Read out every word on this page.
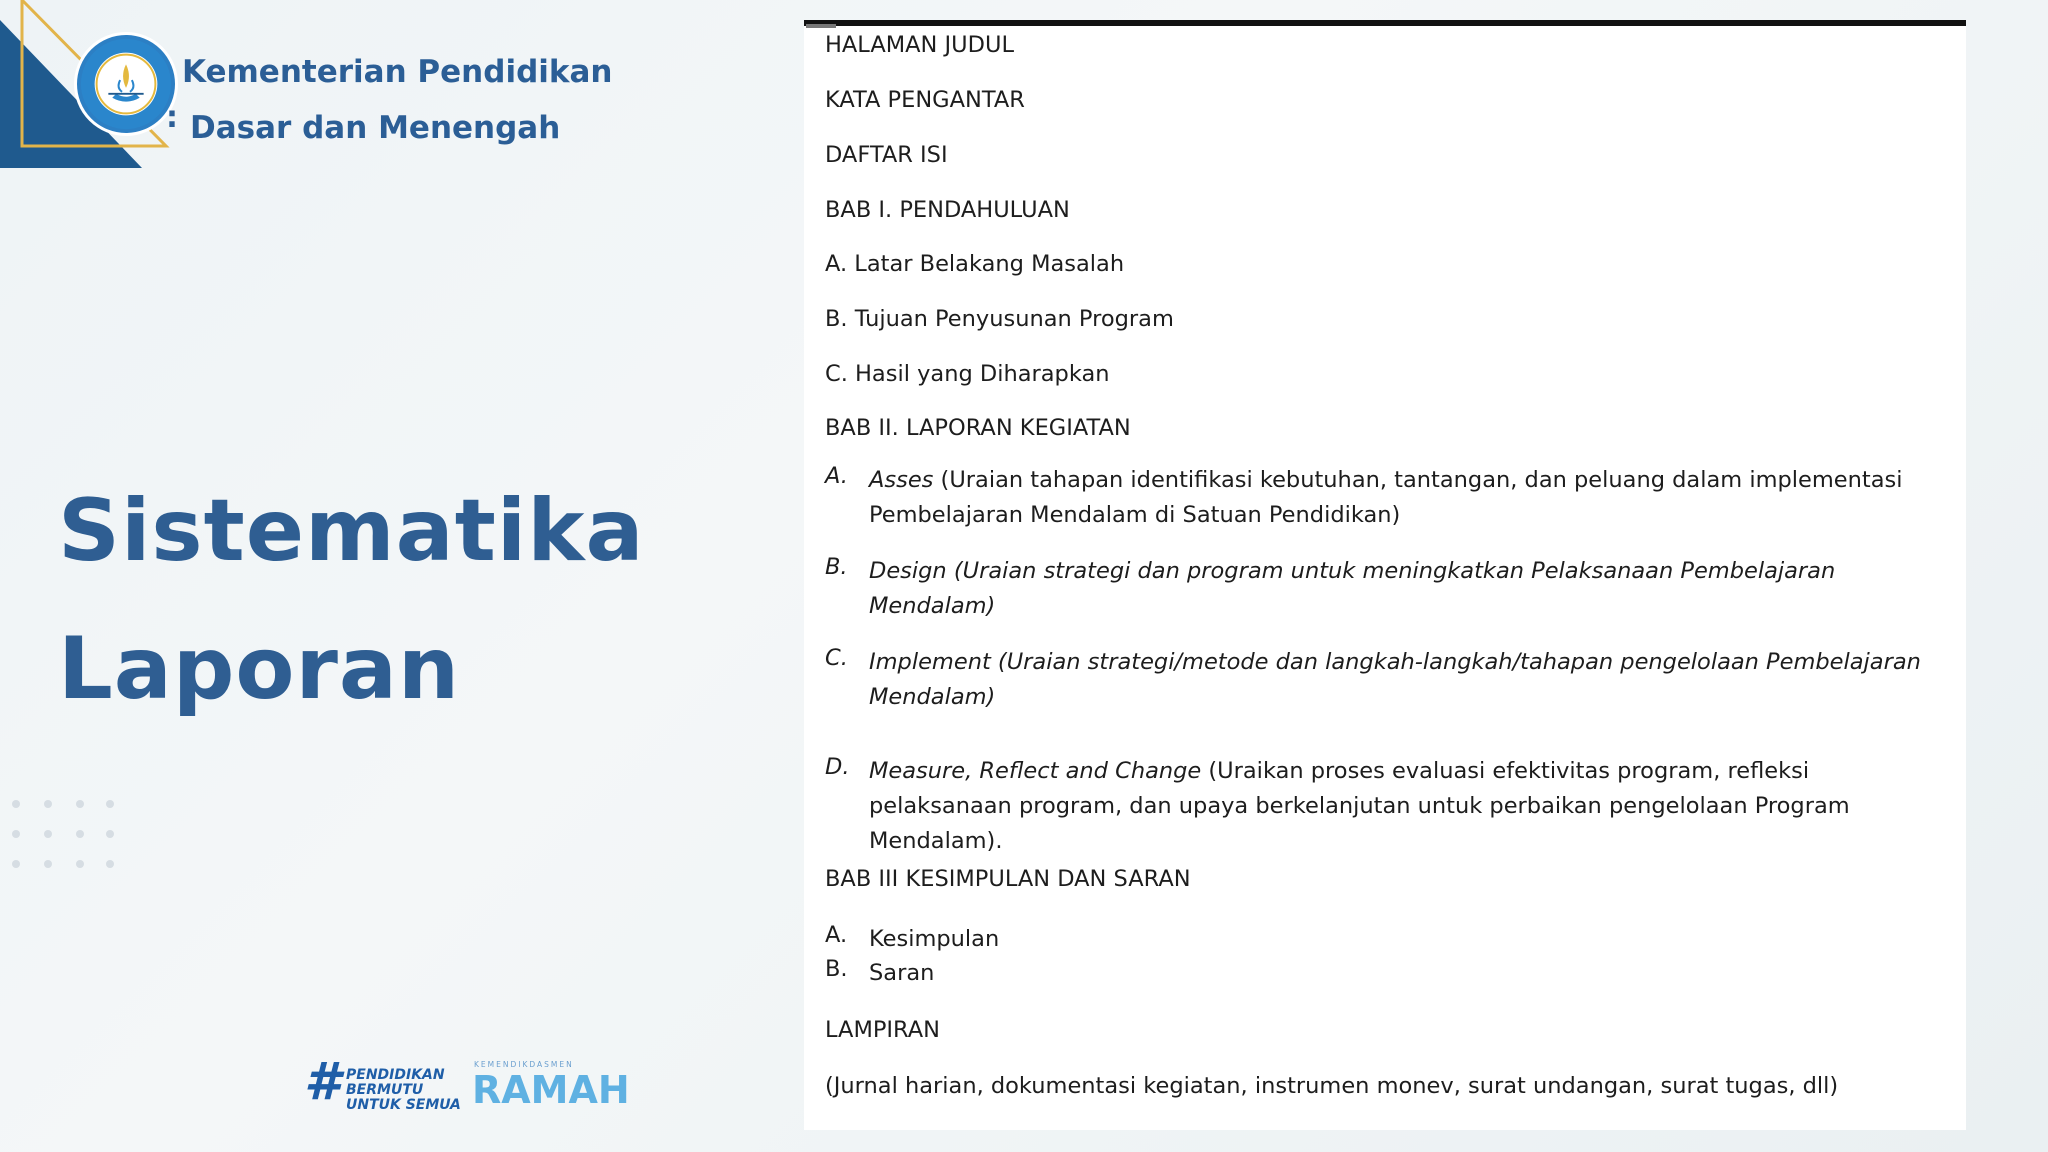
:
Kementerian Pendidikan
Dasar dan Menengah
Sistematika
Laporan
# PENDIDIKAN
BERMUTU
UNTUK SEMUA
KEMENDIKDASMEN
RAMAH
HALAMAN JUDUL
KATA PENGANTAR
DAFTAR ISI
BAB I. PENDAHULUAN
A. Latar Belakang Masalah
B. Tujuan Penyusunan Program
C. Hasil yang Diharapkan
BAB II. LAPORAN KEGIATAN
A. Asses (Uraian tahapan identifikasi kebutuhan, tantangan, dan peluang dalam implementasi Pembelajaran Mendalam di Satuan Pendidikan)
B. Design (Uraian strategi dan program untuk meningkatkan Pelaksanaan Pembelajaran Mendalam)
C. Implement (Uraian strategi/metode dan langkah-langkah/tahapan pengelolaan Pembelajaran Mendalam)
D. Measure, Reflect and Change (Uraikan proses evaluasi efektivitas program, refleksi pelaksanaan program, dan upaya berkelanjutan untuk perbaikan pengelolaan Program Mendalam).
BAB III KESIMPULAN DAN SARAN
A. Kesimpulan
B. Saran
LAMPIRAN
(Jurnal harian, dokumentasi kegiatan, instrumen monev, surat undangan, surat tugas, dll)
